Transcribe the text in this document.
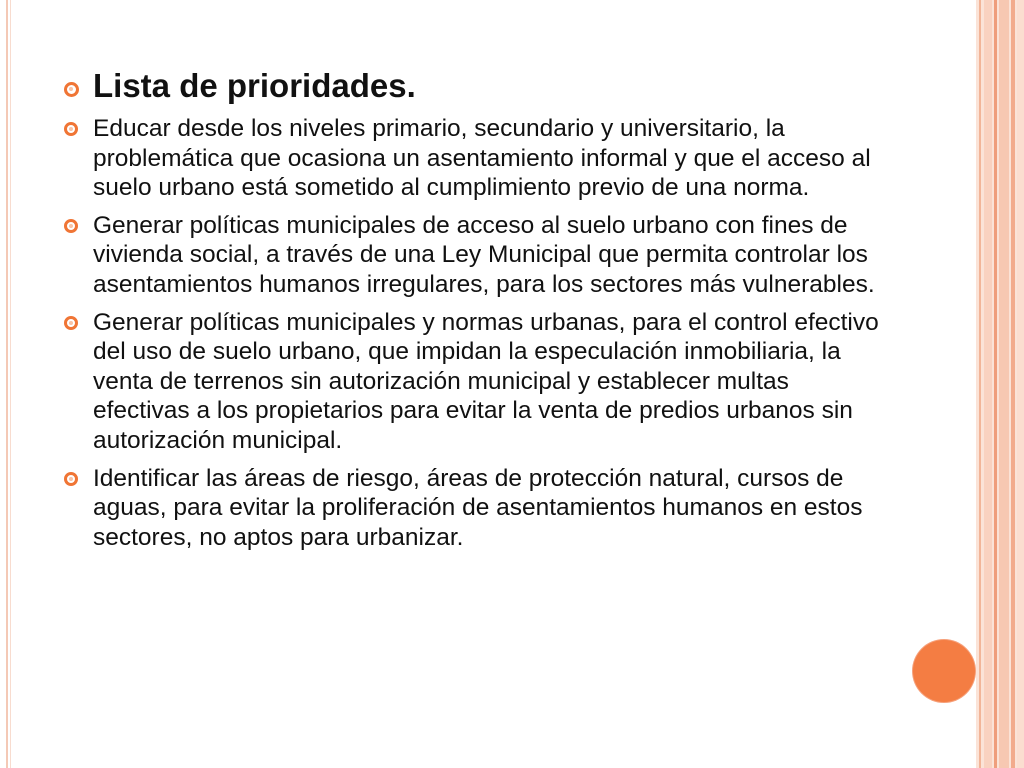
Lista de prioridades.
Educar desde los niveles primario, secundario y universitario, la problemática que ocasiona un asentamiento informal y que el acceso al suelo urbano está sometido al cumplimiento previo de una norma.
Generar políticas municipales de acceso al suelo urbano con fines de vivienda social, a través de una Ley Municipal que permita controlar los asentamientos humanos irregulares, para los sectores más vulnerables.
Generar políticas municipales y normas urbanas, para el control efectivo del uso de suelo urbano, que impidan la especulación inmobiliaria, la venta de terrenos sin autorización municipal y establecer multas efectivas a los propietarios para evitar la venta de predios urbanos sin autorización municipal.
Identificar las áreas de riesgo, áreas de protección natural, cursos de aguas, para evitar la proliferación de asentamientos humanos en estos sectores, no aptos para urbanizar.
